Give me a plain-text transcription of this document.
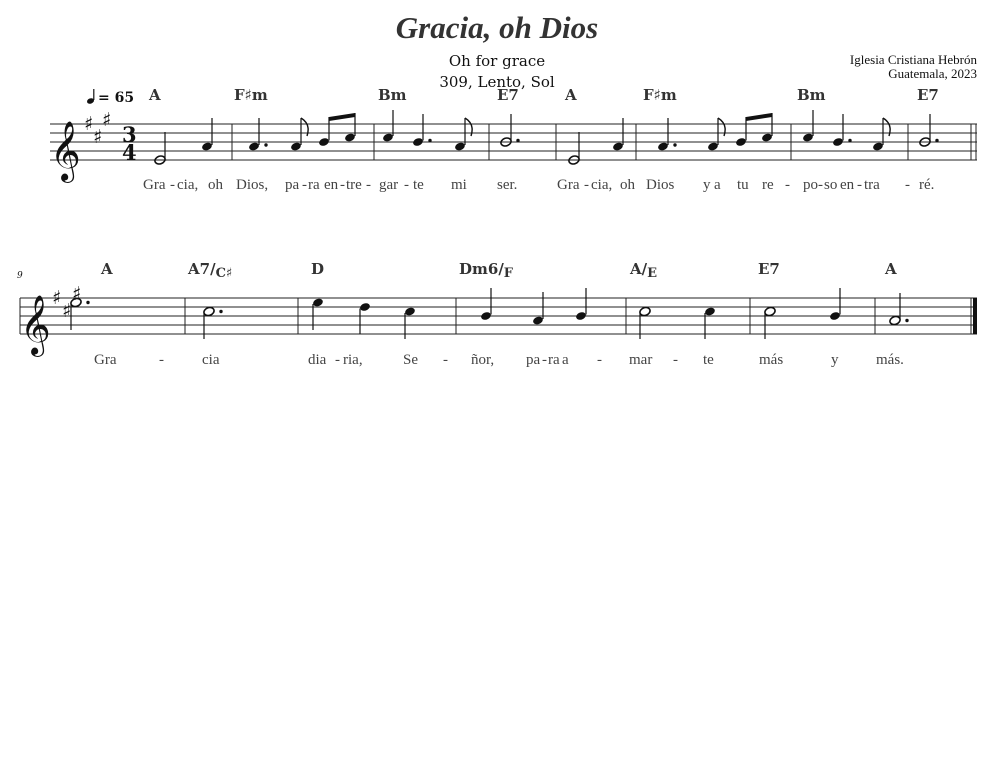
Gracia, oh Dios
Oh for grace
309, Lento, Sol
Iglesia Cristiana Hebrón
Guatemala, 2023
= 65 A	F♯m	Bm	E7	A	F♯m	Bm	E7
𝄞 ♯
♯
♯
3
4
Gra - cia, oh Dios, pa - ra en - tre - gar - te mi ser.	Gra - cia, oh Dios y a tu re - po - so en - tra - ré.
9	A	A7/C♯	D	Dm6/F	A/E	E7	A
𝄞 ♯
♯
♯
Gra	-	cia	dia - ria,	Se - ñor, pa - ra a - mar - te	más	y	más.
